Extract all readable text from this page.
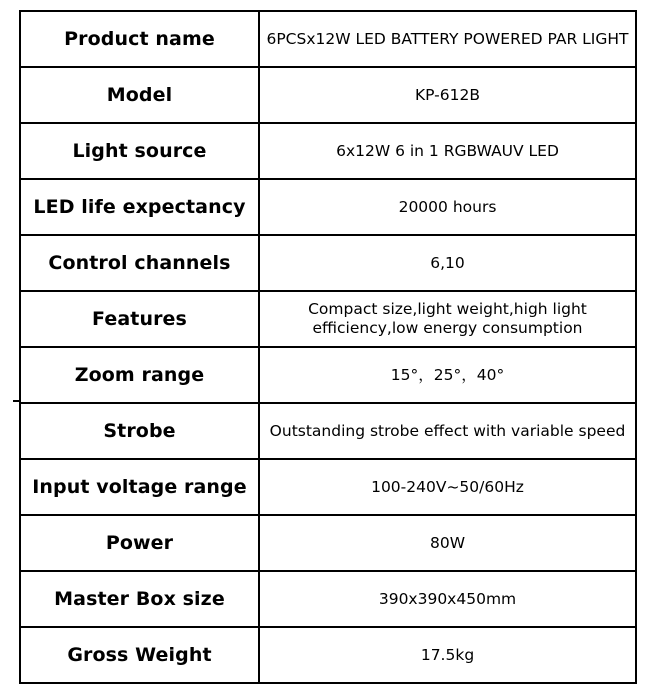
Product name	6PCSx12W LED BATTERY POWERED PAR LIGHT
Model	KP-612B
Light source	6x12W 6 in 1 RGBWAUV LED
LED life expectancy	20000 hours
Control channels	6,10
Features	Compact size,light weight,high light efficiency,low energy consumption
Zoom range	15°，25°，40°
Strobe	Outstanding strobe effect with variable speed
Input voltage range	100-240V~50/60Hz
Power	80W
Master Box size	390x390x450mm
Gross Weight	17.5kg
